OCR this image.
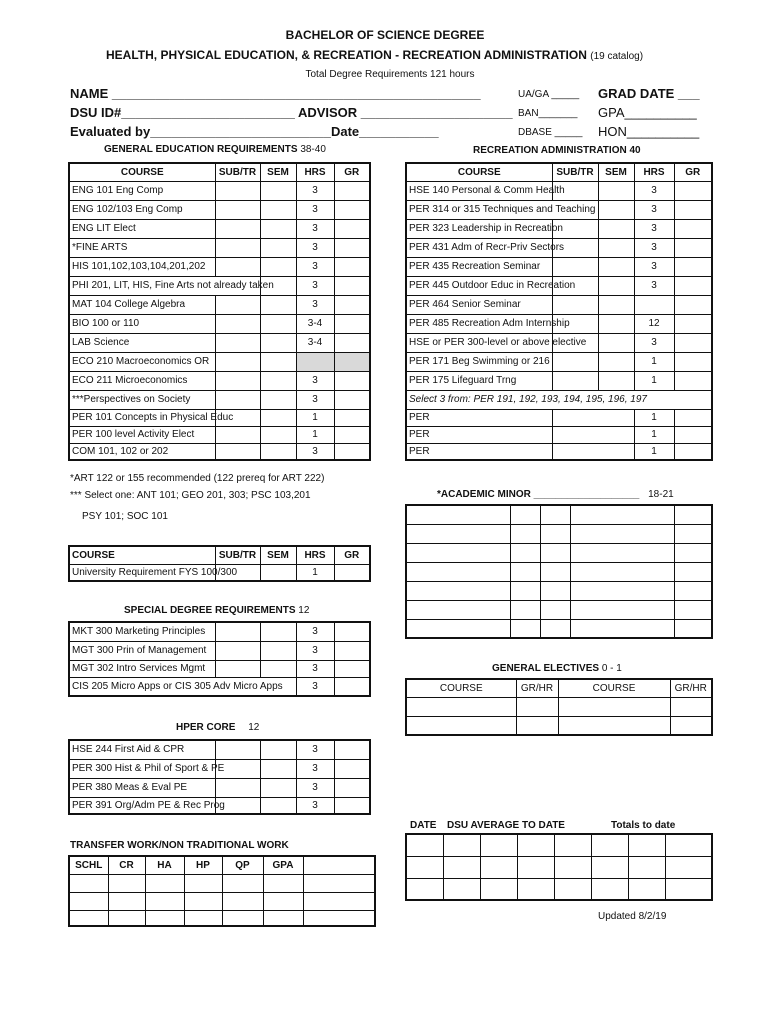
BACHELOR OF SCIENCE DEGREE
HEALTH, PHYSICAL EDUCATION, & RECREATION - RECREATION ADMINISTRATION (19 catalog)
Total Degree Requirements 121 hours
NAME ___________________________________________________
DSU ID#________________________ ADVISOR _____________________
Evaluated by_________________________Date___________
UA/GA _____
BAN_______
DBASE _____
GRAD DATE ___
GPA__________
HON__________
GENERAL EDUCATION REQUIREMENTS 38-40
COURSE	SUB/TR	SEM	HRS	GR
ENG 101 Eng Comp			3	
ENG 102/103 Eng Comp			3	
ENG LIT Elect			3	
*FINE ARTS			3	
HIS 101,102,103,104,201,202			3	
PHI 201, LIT, HIS, Fine Arts not already taken			3	
MAT 104 College Algebra			3	
BIO 100 or 110			3-4	
LAB Science			3-4	
ECO 210 Macroeconomics OR				
ECO 211 Microeconomics			3	
***Perspectives on Society			3	
PER 101 Concepts in Physical Educ			1	
PER 100 level Activity Elect			1	
COM 101, 102 or 202			3	
*ART 122 or 155 recommended (122 prereq for ART 222)
*** Select one: ANT 101; GEO 201, 303; PSC 103,201
PSY 101; SOC 101
RECREATION ADMINISTRATION 40
COURSE	SUB/TR	SEM	HRS	GR
HSE 140 Personal & Comm Health			3	
PER 314 or 315 Techniques and Teaching			3	
PER 323 Leadership in Recreation			3	
PER 431 Adm of Recr-Priv Sectors			3	
PER 435 Recreation Seminar			3	
PER 445 Outdoor Educ in Recreation			3	
PER 464 Senior Seminar				
PER 485 Recreation Adm Internship			12	
HSE or PER 300-level or above elective			3	
PER 171 Beg Swimming or 216			1	
PER 175 Lifeguard Trng			1	
Select 3 from: PER 191, 192, 193, 194, 195, 196, 197				
PER			1	
PER			1	
PER			1	
*ACADEMIC MINOR ___________________ 18-21

COURSE	SUB/TR	SEM	HRS	GR
University Requirement FYS 100/300			1	
SPECIAL DEGREE REQUIREMENTS 12
MKT 300 Marketing Principles			3	
MGT 300 Prin of Management			3	
MGT 302 Intro Services Mgmt			3	
CIS 205 Micro Apps or CIS 305 Adv Micro Apps			3	
HPER CORE 12
HSE 244 First Aid & CPR			3	
PER 300 Hist & Phil of Sport & PE			3	
PER 380 Meas & Eval PE			3	
PER 391 Org/Adm PE & Rec Prog			3	
GENERAL ELECTIVES 0 - 1
COURSE	GR/HR	COURSE	GR/HR

DATE DSU AVERAGE TO DATE	Totals to date

TRANSFER WORK/NON TRADITIONAL WORK
SCHL	CR	HA	HP	QP	GPA	

Updated 8/2/19
